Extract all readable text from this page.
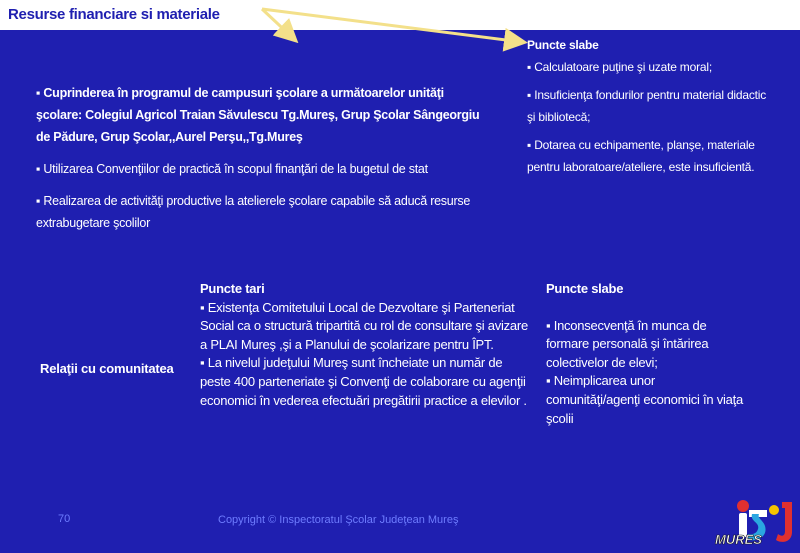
Resurse financiare si materiale
Puncte slabe

▪ Calculatoare puţine şi uzate moral;

▪ Insuficienţa fondurilor pentru material didactic şi bibliotecă;

▪ Dotarea cu echipamente, planşe, materiale pentru laboratoare/ateliere, este insuficientă.

▪ Cuprinderea în programul de campusuri şcolare a următoarelor unităţi şcolare: Colegiul Agricol Traian Săvulescu Tg.Mureş, Grup Şcolar Sângeorgiu de Pădure, Grup Şcolar,,Aurel Perşu,,Tg.Mureş

▪ Utilizarea Convenţiilor de practică în scopul finanţări de la bugetul de stat

▪ Realizarea de activităţi productive la atelierele şcolare capabile să aducă resurse extrabugetare şcolilor

Relaţii cu comunitatea
Puncte tari
▪ Existenţa Comitetului Local de Dezvoltare şi Parteneriat Social ca o structură tripartită cu rol de consultare şi avizare a PLAI Mureş ,şi a Planului de şcolarizare pentru ÎPT.
▪ La nivelul judeţului Mureş sunt încheiate un număr de peste 400 parteneriate şi Convenţi de colaborare cu agenţii economici în vederea efectuări pregătirii practice a elevilor .
Puncte slabe
▪ Inconsecvenţă în munca de formare personală şi întărirea colectivelor de elevi;
▪ Neimplicarea unor comunităţi/agenţi economici în viaţa şcolii
70	Copyright © Inspectoratul Şcolar Judeţean Mureş
MURES
